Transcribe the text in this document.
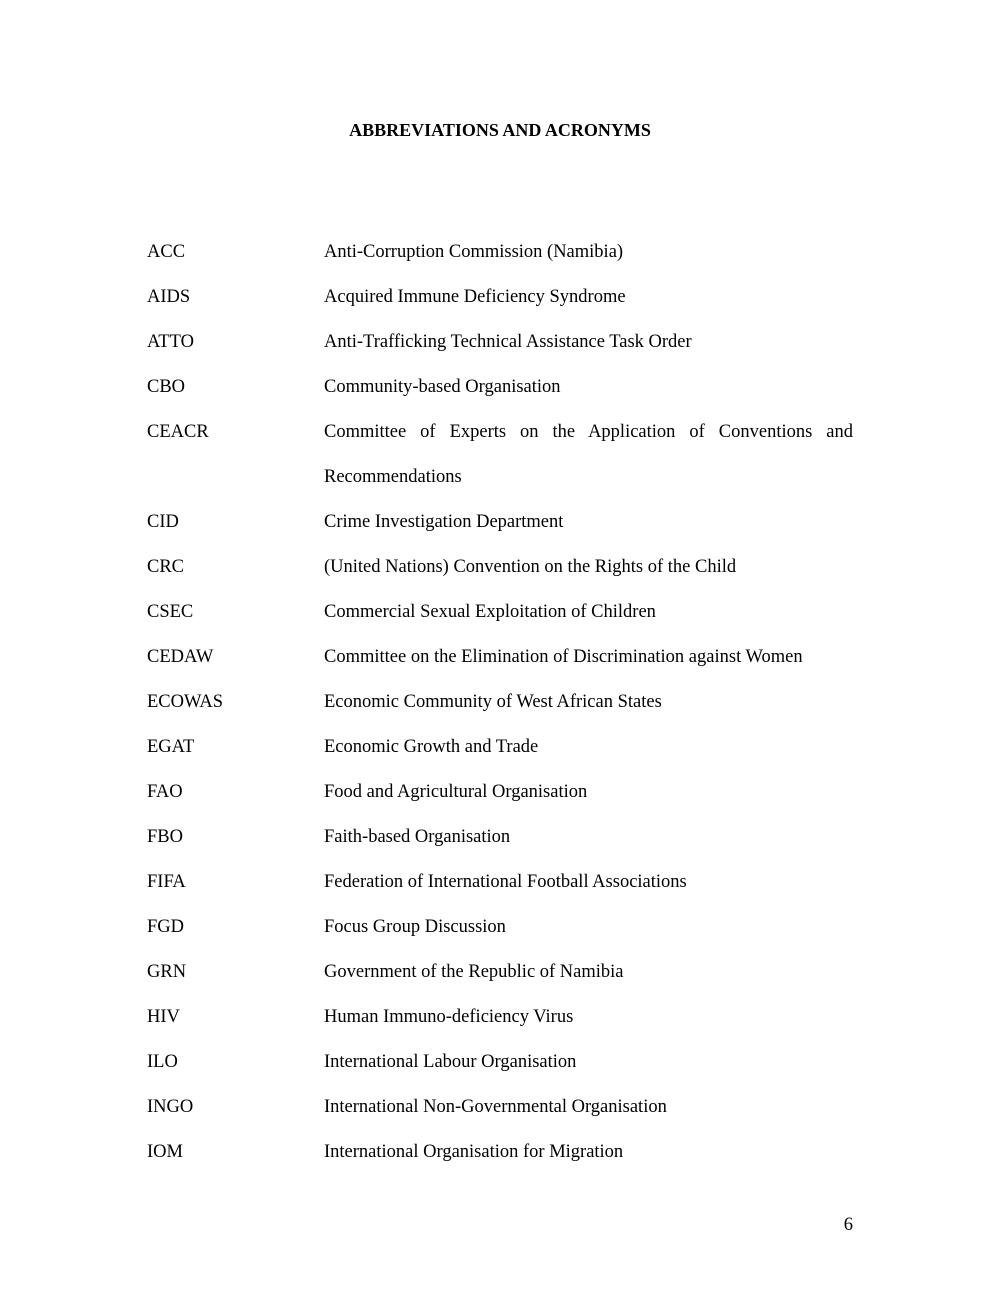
ABBREVIATIONS AND ACRONYMS
ACC	Anti-Corruption Commission (Namibia)
AIDS	Acquired Immune Deficiency Syndrome
ATTO	Anti-Trafficking Technical Assistance Task Order
CBO	Community-based Organisation
CEACR	Committee of Experts on the Application of Conventions and Recommendations
CID	Crime Investigation Department
CRC	(United Nations) Convention on the Rights of the Child
CSEC	Commercial Sexual Exploitation of Children
CEDAW	Committee on the Elimination of Discrimination against Women
ECOWAS	Economic Community of West African States
EGAT	Economic Growth and Trade
FAO	Food and Agricultural Organisation
FBO	Faith-based Organisation
FIFA	Federation of International Football Associations
FGD	Focus Group Discussion
GRN	Government of the Republic of Namibia
HIV	Human Immuno-deficiency Virus
ILO	International Labour Organisation
INGO	International Non-Governmental Organisation
IOM	International Organisation for Migration
6
